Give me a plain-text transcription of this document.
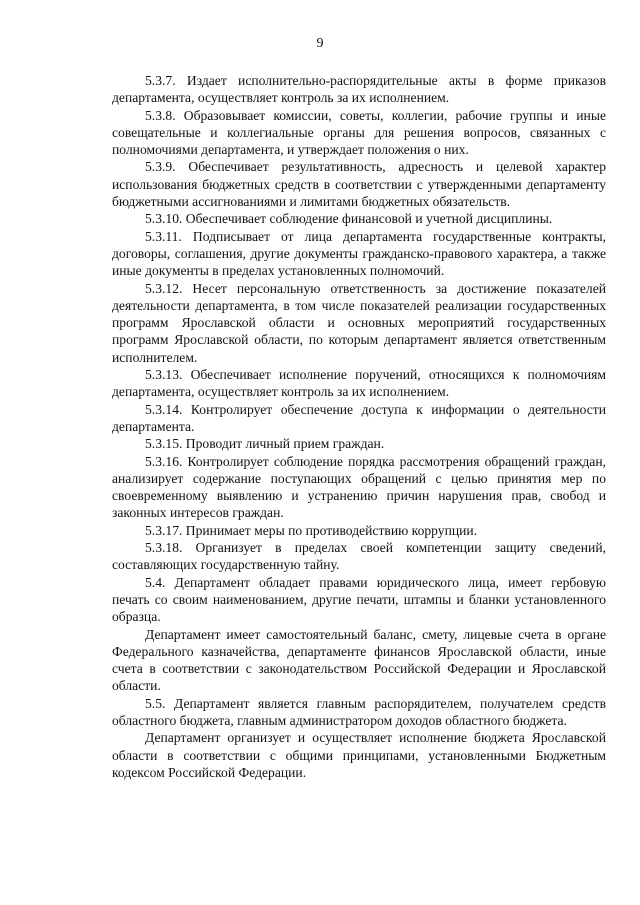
9

5.3.7. Издает исполнительно-распорядительные акты в форме приказов департамента, осуществляет контроль за их исполнением.

5.3.8. Образовывает комиссии, советы, коллегии, рабочие группы и иные совещательные и коллегиальные органы для решения вопросов, связанных с полномочиями департамента, и утверждает положения о них.

5.3.9. Обеспечивает результативность, адресность и целевой характер использования бюджетных средств в соответствии с утвержденными департаменту бюджетными ассигнованиями и лимитами бюджетных обязательств.

5.3.10. Обеспечивает соблюдение финансовой и учетной дисциплины.

5.3.11. Подписывает от лица департамента государственные контракты, договоры, соглашения, другие документы гражданско-правового характера, а также иные документы в пределах установленных полномочий.

5.3.12. Несет персональную ответственность за достижение показателей деятельности департамента, в том числе показателей реализации государственных программ Ярославской области и основных мероприятий государственных программ Ярославской области, по которым департамент является ответственным исполнителем.

5.3.13. Обеспечивает исполнение поручений, относящихся к полномочиям департамента, осуществляет контроль за их исполнением.

5.3.14. Контролирует обеспечение доступа к информации о деятельности департамента.

5.3.15. Проводит личный прием граждан.

5.3.16. Контролирует соблюдение порядка рассмотрения обращений граждан, анализирует содержание поступающих обращений с целью принятия мер по своевременному выявлению и устранению причин нарушения прав, свобод и законных интересов граждан.

5.3.17. Принимает меры по противодействию коррупции.

5.3.18. Организует в пределах своей компетенции защиту сведений, составляющих государственную тайну.

5.4. Департамент обладает правами юридического лица, имеет гербовую печать со своим наименованием, другие печати, штампы и бланки установленного образца.

Департамент имеет самостоятельный баланс, смету, лицевые счета в органе Федерального казначейства, департаменте финансов Ярославской области, иные счета в соответствии с законодательством Российской Федерации и Ярославской области.

5.5. Департамент является главным распорядителем, получателем средств областного бюджета, главным администратором доходов областного бюджета.

Департамент организует и осуществляет исполнение бюджета Ярославской области в соответствии с общими принципами, установленными Бюджетным кодексом Российской Федерации.
